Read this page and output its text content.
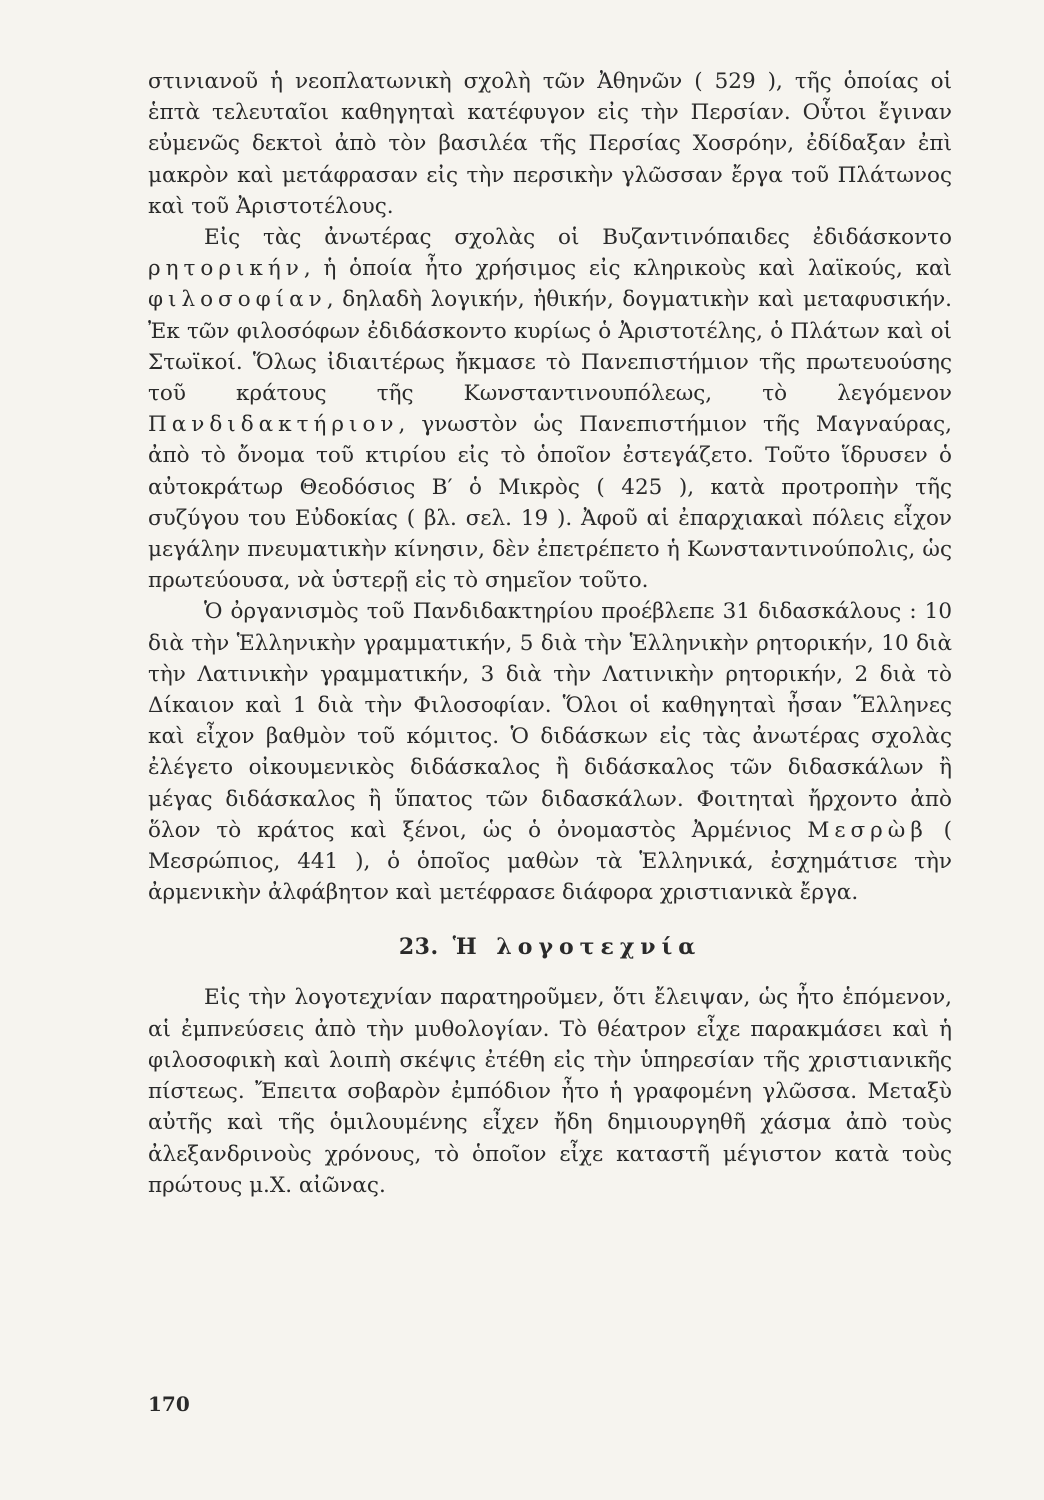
στινιανοῦ ἡ νεοπλατωνικὴ σχολὴ τῶν Ἀθηνῶν ( 529 ), τῆς ὁποίας οἱ ἑπτὰ τελευταῖοι καθηγηταὶ κατέφυγον εἰς τὴν Περσίαν. Οὗτοι ἔγιναν εὐμενῶς δεκτοὶ ἀπὸ τὸν βασιλέα τῆς Περσίας Χοσρόην, ἐδίδαξαν ἐπὶ μακρὸν καὶ μετάφρασαν εἰς τὴν περσικὴν γλῶσσαν ἔργα τοῦ Πλάτωνος καὶ τοῦ Ἀριστοτέλους.

Εἰς τὰς ἀνωτέρας σχολὰς οἱ Βυζαντινόπαιδες ἐδιδάσκοντο ρητορικήν, ἡ ὁποία ἦτο χρήσιμος εἰς κληρικοὺς καὶ λαϊκούς, καὶ φιλοσοφίαν, δηλαδὴ λογικήν, ἠθικήν, δογματικὴν καὶ μεταφυσικήν. Ἐκ τῶν φιλοσόφων ἐδιδάσκοντο κυρίως ὁ Ἀριστοτέλης, ὁ Πλάτων καὶ οἱ Στωϊκοί. Ὅλως ἰδιαιτέρως ἤκμασε τὸ Πανεπιστήμιον τῆς πρωτευούσης τοῦ κράτους τῆς Κωνσταντινουπόλεως, τὸ λεγόμενον Πανδιδακτήριον, γνωστὸν ὡς Πανεπιστήμιον τῆς Μαγναύρας, ἀπὸ τὸ ὄνομα τοῦ κτιρίου εἰς τὸ ὁποῖον ἐστεγάζετο. Τοῦτο ἵδρυσεν ὁ αὐτοκράτωρ Θεοδόσιος Β′ ὁ Μικρὸς ( 425 ), κατὰ προτροπὴν τῆς συζύγου του Εὐδοκίας ( βλ. σελ. 19 ). Ἀφοῦ αἱ ἐπαρχιακαὶ πόλεις εἶχον μεγάλην πνευματικὴν κίνησιν, δὲν ἐπετρέπετο ἡ Κωνσταντινούπολις, ὡς πρωτεύουσα, νὰ ὑστερῇ εἰς τὸ σημεῖον τοῦτο.

Ὁ ὀργανισμὸς τοῦ Πανδιδακτηρίου προέβλεπε 31 διδασκάλους : 10 διὰ τὴν Ἑλληνικὴν γραμματικήν, 5 διὰ τὴν Ἑλληνικὴν ρητορικήν, 10 διὰ τὴν Λατινικὴν γραμματικήν, 3 διὰ τὴν Λατινικὴν ρητορικήν, 2 διὰ τὸ Δίκαιον καὶ 1 διὰ τὴν Φιλοσοφίαν. Ὅλοι οἱ καθηγηταὶ ἦσαν Ἕλληνες καὶ εἶχον βαθμὸν τοῦ κόμιτος. Ὁ διδάσκων εἰς τὰς ἀνωτέρας σχολὰς ἐλέγετο οἰκουμενικὸς διδάσκαλος ἢ διδάσκαλος τῶν διδασκάλων ἢ μέγας διδάσκαλος ἢ ὕπατος τῶν διδασκάλων. Φοιτηταὶ ἤρχοντο ἀπὸ ὅλον τὸ κράτος καὶ ξένοι, ὡς ὁ ὀνομαστὸς Ἀρμένιος Μεσρὼβ ( Μεσρώπιος, 441 ), ὁ ὁποῖος μαθὼν τὰ Ἑλληνικά, ἐσχημάτισε τὴν ἀρμενικὴν ἀλφάβητον καὶ μετέφρασε διάφορα χριστιανικὰ ἔργα.

23. Ἡ λογοτεχνία

Εἰς τὴν λογοτεχνίαν παρατηροῦμεν, ὅτι ἔλειψαν, ὡς ἦτο ἑπόμενον, αἱ ἐμπνεύσεις ἀπὸ τὴν μυθολογίαν. Τὸ θέατρον εἶχε παρακμάσει καὶ ἡ φιλοσοφικὴ καὶ λοιπὴ σκέψις ἐτέθη εἰς τὴν ὑπηρεσίαν τῆς χριστιανικῆς πίστεως. Ἔπειτα σοβαρὸν ἐμπόδιον ἦτο ἡ γραφομένη γλῶσσα. Μεταξὺ αὐτῆς καὶ τῆς ὁμιλουμένης εἶχεν ἤδη δημιουργηθῆ χάσμα ἀπὸ τοὺς ἀλεξανδρινοὺς χρόνους, τὸ ὁποῖον εἶχε καταστῆ μέγιστον κατὰ τοὺς πρώτους μ.Χ. αἰῶνας.

170
